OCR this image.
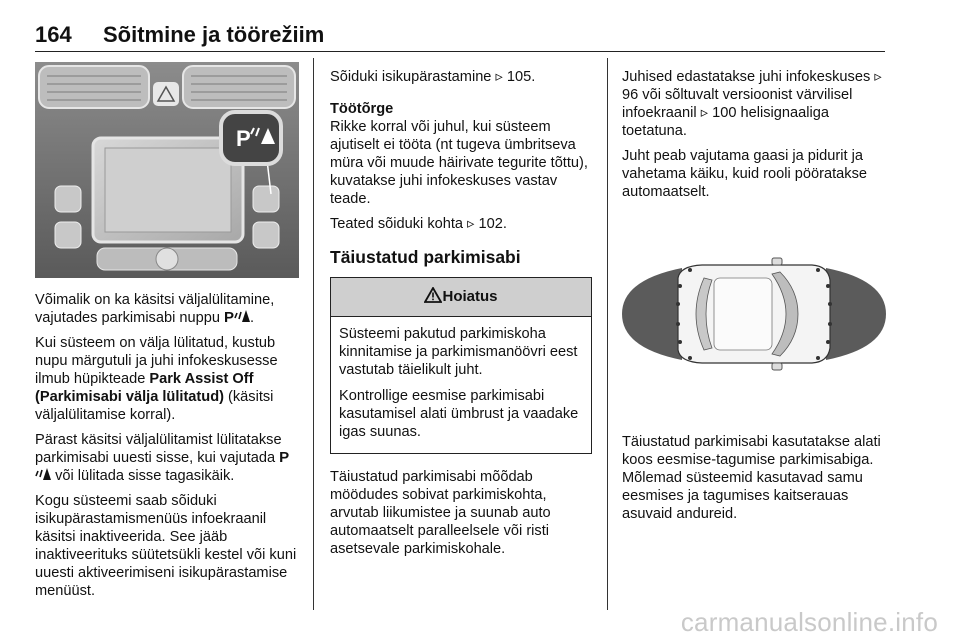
164 Sõitmine ja töörežiim
P

Võimalik on ka käsitsi väljalülitamine, vajutades parkimisabi nuppu P .

Kui süsteem on välja lülitatud, kustub nupu märgutuli ja juhi infokeskusesse ilmub hüpikteade Park Assist Off (Parkimisabi välja lülitatud) (käsitsi väljalülitamise korral).

Pärast käsitsi väljalülitamist lülitatakse parkimisabi uuesti sisse, kui vajutada P või lülitada sisse tagasikäik.

Kogu süsteemi saab sõiduki isikupärastamismenüüs infoekraanil käsitsi inaktiveerida. See jääb inaktiveerituks süütetsükli kestel või kuni uuesti aktiveerimiseni isikupärastamise menüüst.

Sõiduki isikupärastamine ▹ 105.

Töötõrge
Rikke korral või juhul, kui süsteem ajutiselt ei tööta (nt tugeva ümbritseva müra või muude häirivate tegurite tõttu), kuvatakse juhi infokeskuses vastav teade.

Teated sõiduki kohta ▹ 102.

Täiustatud parkimisabi
Hoiatus

Süsteemi pakutud parkimiskoha kinnitamise ja parkimismanöövri eest vastutab täielikult juht.

Kontrollige eesmise parkimisabi kasutamisel alati ümbrust ja vaadake igas suunas.

Täiustatud parkimisabi mõõdab möödudes sobivat parkimiskohta, arvutab liikumistee ja suunab auto automaatselt paralleelsele või risti asetsevale parkimiskohale.

Juhised edastatakse juhi infokeskuses ▹ 96 või sõltuvalt versioonist värvilisel infoekraanil ▹ 100 helisignaaliga toetatuna.

Juht peab vajutama gaasi ja pidurit ja vahetama käiku, kuid rooli pööratakse automaatselt.

Täiustatud parkimisabi kasutatakse alati koos eesmise-tagumise parkimisabiga. Mõlemad süsteemid kasutavad samu eesmises ja tagumises kaitserauas asuvaid andureid.

carmanualsonline.info
